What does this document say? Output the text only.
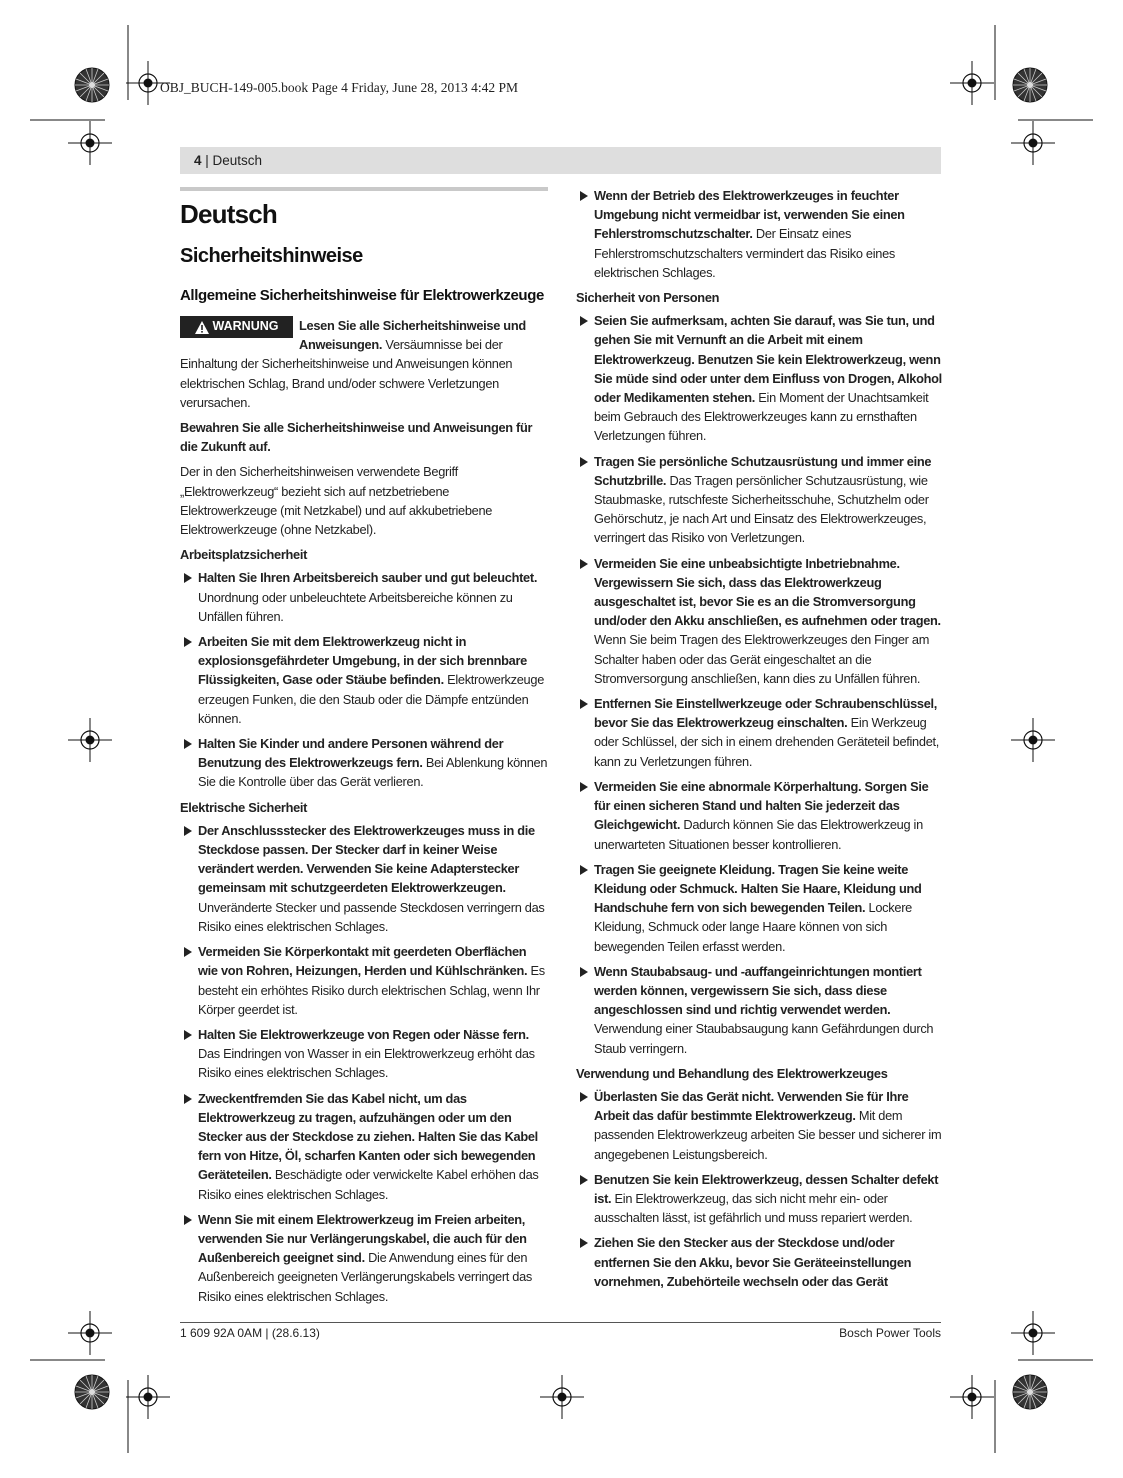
OBJ_BUCH-149-005.book Page 4 Friday, June 28, 2013 4:42 PM
4 | Deutsch
Deutsch
Sicherheitshinweise
Allgemeine Sicherheitshinweise für Elektrowerkzeuge
WARNUNG Lesen Sie alle Sicherheitshinweise und Anweisungen. Versäumnisse bei der Einhaltung der Sicherheitshinweise und Anweisungen können elektrischen Schlag, Brand und/oder schwere Verletzungen verursachen.
Bewahren Sie alle Sicherheitshinweise und Anweisungen für die Zukunft auf.
Der in den Sicherheitshinweisen verwendete Begriff „Elektrowerkzeug“ bezieht sich auf netzbetriebene Elektrowerkzeuge (mit Netzkabel) und auf akkubetriebene Elektrowerkzeuge (ohne Netzkabel).
Arbeitsplatzsicherheit
Halten Sie Ihren Arbeitsbereich sauber und gut beleuchtet. Unordnung oder unbeleuchtete Arbeitsbereiche können zu Unfällen führen.
Arbeiten Sie mit dem Elektrowerkzeug nicht in explosionsgefährdeter Umgebung, in der sich brennbare Flüssigkeiten, Gase oder Stäube befinden. Elektrowerkzeuge erzeugen Funken, die den Staub oder die Dämpfe entzünden können.
Halten Sie Kinder und andere Personen während der Benutzung des Elektrowerkzeugs fern. Bei Ablenkung können Sie die Kontrolle über das Gerät verlieren.
Elektrische Sicherheit
Der Anschlussstecker des Elektrowerkzeuges muss in die Steckdose passen. Der Stecker darf in keiner Weise verändert werden. Verwenden Sie keine Adapterstecker gemeinsam mit schutzgeerdeten Elektrowerkzeugen. Unveränderte Stecker und passende Steckdosen verringern das Risiko eines elektrischen Schlages.
Vermeiden Sie Körperkontakt mit geerdeten Oberflächen wie von Rohren, Heizungen, Herden und Kühlschränken. Es besteht ein erhöhtes Risiko durch elektrischen Schlag, wenn Ihr Körper geerdet ist.
Halten Sie Elektrowerkzeuge von Regen oder Nässe fern. Das Eindringen von Wasser in ein Elektrowerkzeug erhöht das Risiko eines elektrischen Schlages.
Zweckentfremden Sie das Kabel nicht, um das Elektrowerkzeug zu tragen, aufzuhängen oder um den Stecker aus der Steckdose zu ziehen. Halten Sie das Kabel fern von Hitze, Öl, scharfen Kanten oder sich bewegenden Geräteteilen. Beschädigte oder verwickelte Kabel erhöhen das Risiko eines elektrischen Schlages.
Wenn Sie mit einem Elektrowerkzeug im Freien arbeiten, verwenden Sie nur Verlängerungskabel, die auch für den Außenbereich geeignet sind. Die Anwendung eines für den Außenbereich geeigneten Verlängerungskabels verringert das Risiko eines elektrischen Schlages.
Wenn der Betrieb des Elektrowerkzeuges in feuchter Umgebung nicht vermeidbar ist, verwenden Sie einen Fehlerstromschutzschalter. Der Einsatz eines Fehlerstromschutzschalters vermindert das Risiko eines elektrischen Schlages.
Sicherheit von Personen
Seien Sie aufmerksam, achten Sie darauf, was Sie tun, und gehen Sie mit Vernunft an die Arbeit mit einem Elektrowerkzeug. Benutzen Sie kein Elektrowerkzeug, wenn Sie müde sind oder unter dem Einfluss von Drogen, Alkohol oder Medikamenten stehen. Ein Moment der Unachtsamkeit beim Gebrauch des Elektrowerkzeuges kann zu ernsthaften Verletzungen führen.
Tragen Sie persönliche Schutzausrüstung und immer eine Schutzbrille. Das Tragen persönlicher Schutzausrüstung, wie Staubmaske, rutschfeste Sicherheitsschuhe, Schutzhelm oder Gehörschutz, je nach Art und Einsatz des Elektrowerkzeuges, verringert das Risiko von Verletzungen.
Vermeiden Sie eine unbeabsichtigte Inbetriebnahme. Vergewissern Sie sich, dass das Elektrowerkzeug ausgeschaltet ist, bevor Sie es an die Stromversorgung und/oder den Akku anschließen, es aufnehmen oder tragen. Wenn Sie beim Tragen des Elektrowerkzeuges den Finger am Schalter haben oder das Gerät eingeschaltet an die Stromversorgung anschließen, kann dies zu Unfällen führen.
Entfernen Sie Einstellwerkzeuge oder Schraubenschlüssel, bevor Sie das Elektrowerkzeug einschalten. Ein Werkzeug oder Schlüssel, der sich in einem drehenden Geräteteil befindet, kann zu Verletzungen führen.
Vermeiden Sie eine abnormale Körperhaltung. Sorgen Sie für einen sicheren Stand und halten Sie jederzeit das Gleichgewicht. Dadurch können Sie das Elektrowerkzeug in unerwarteten Situationen besser kontrollieren.
Tragen Sie geeignete Kleidung. Tragen Sie keine weite Kleidung oder Schmuck. Halten Sie Haare, Kleidung und Handschuhe fern von sich bewegenden Teilen. Lockere Kleidung, Schmuck oder lange Haare können von sich bewegenden Teilen erfasst werden.
Wenn Staubabsaug- und -auffangeinrichtungen montiert werden können, vergewissern Sie sich, dass diese angeschlossen sind und richtig verwendet werden. Verwendung einer Staubabsaugung kann Gefährdungen durch Staub verringern.
Verwendung und Behandlung des Elektrowerkzeuges
Überlasten Sie das Gerät nicht. Verwenden Sie für Ihre Arbeit das dafür bestimmte Elektrowerkzeug. Mit dem passenden Elektrowerkzeug arbeiten Sie besser und sicherer im angegebenen Leistungsbereich.
Benutzen Sie kein Elektrowerkzeug, dessen Schalter defekt ist. Ein Elektrowerkzeug, das sich nicht mehr ein- oder ausschalten lässt, ist gefährlich und muss repariert werden.
Ziehen Sie den Stecker aus der Steckdose und/oder entfernen Sie den Akku, bevor Sie Geräteeinstellungen vornehmen, Zubehörteile wechseln oder das Gerät
1 609 92A 0AM | (28.6.13)	Bosch Power Tools
